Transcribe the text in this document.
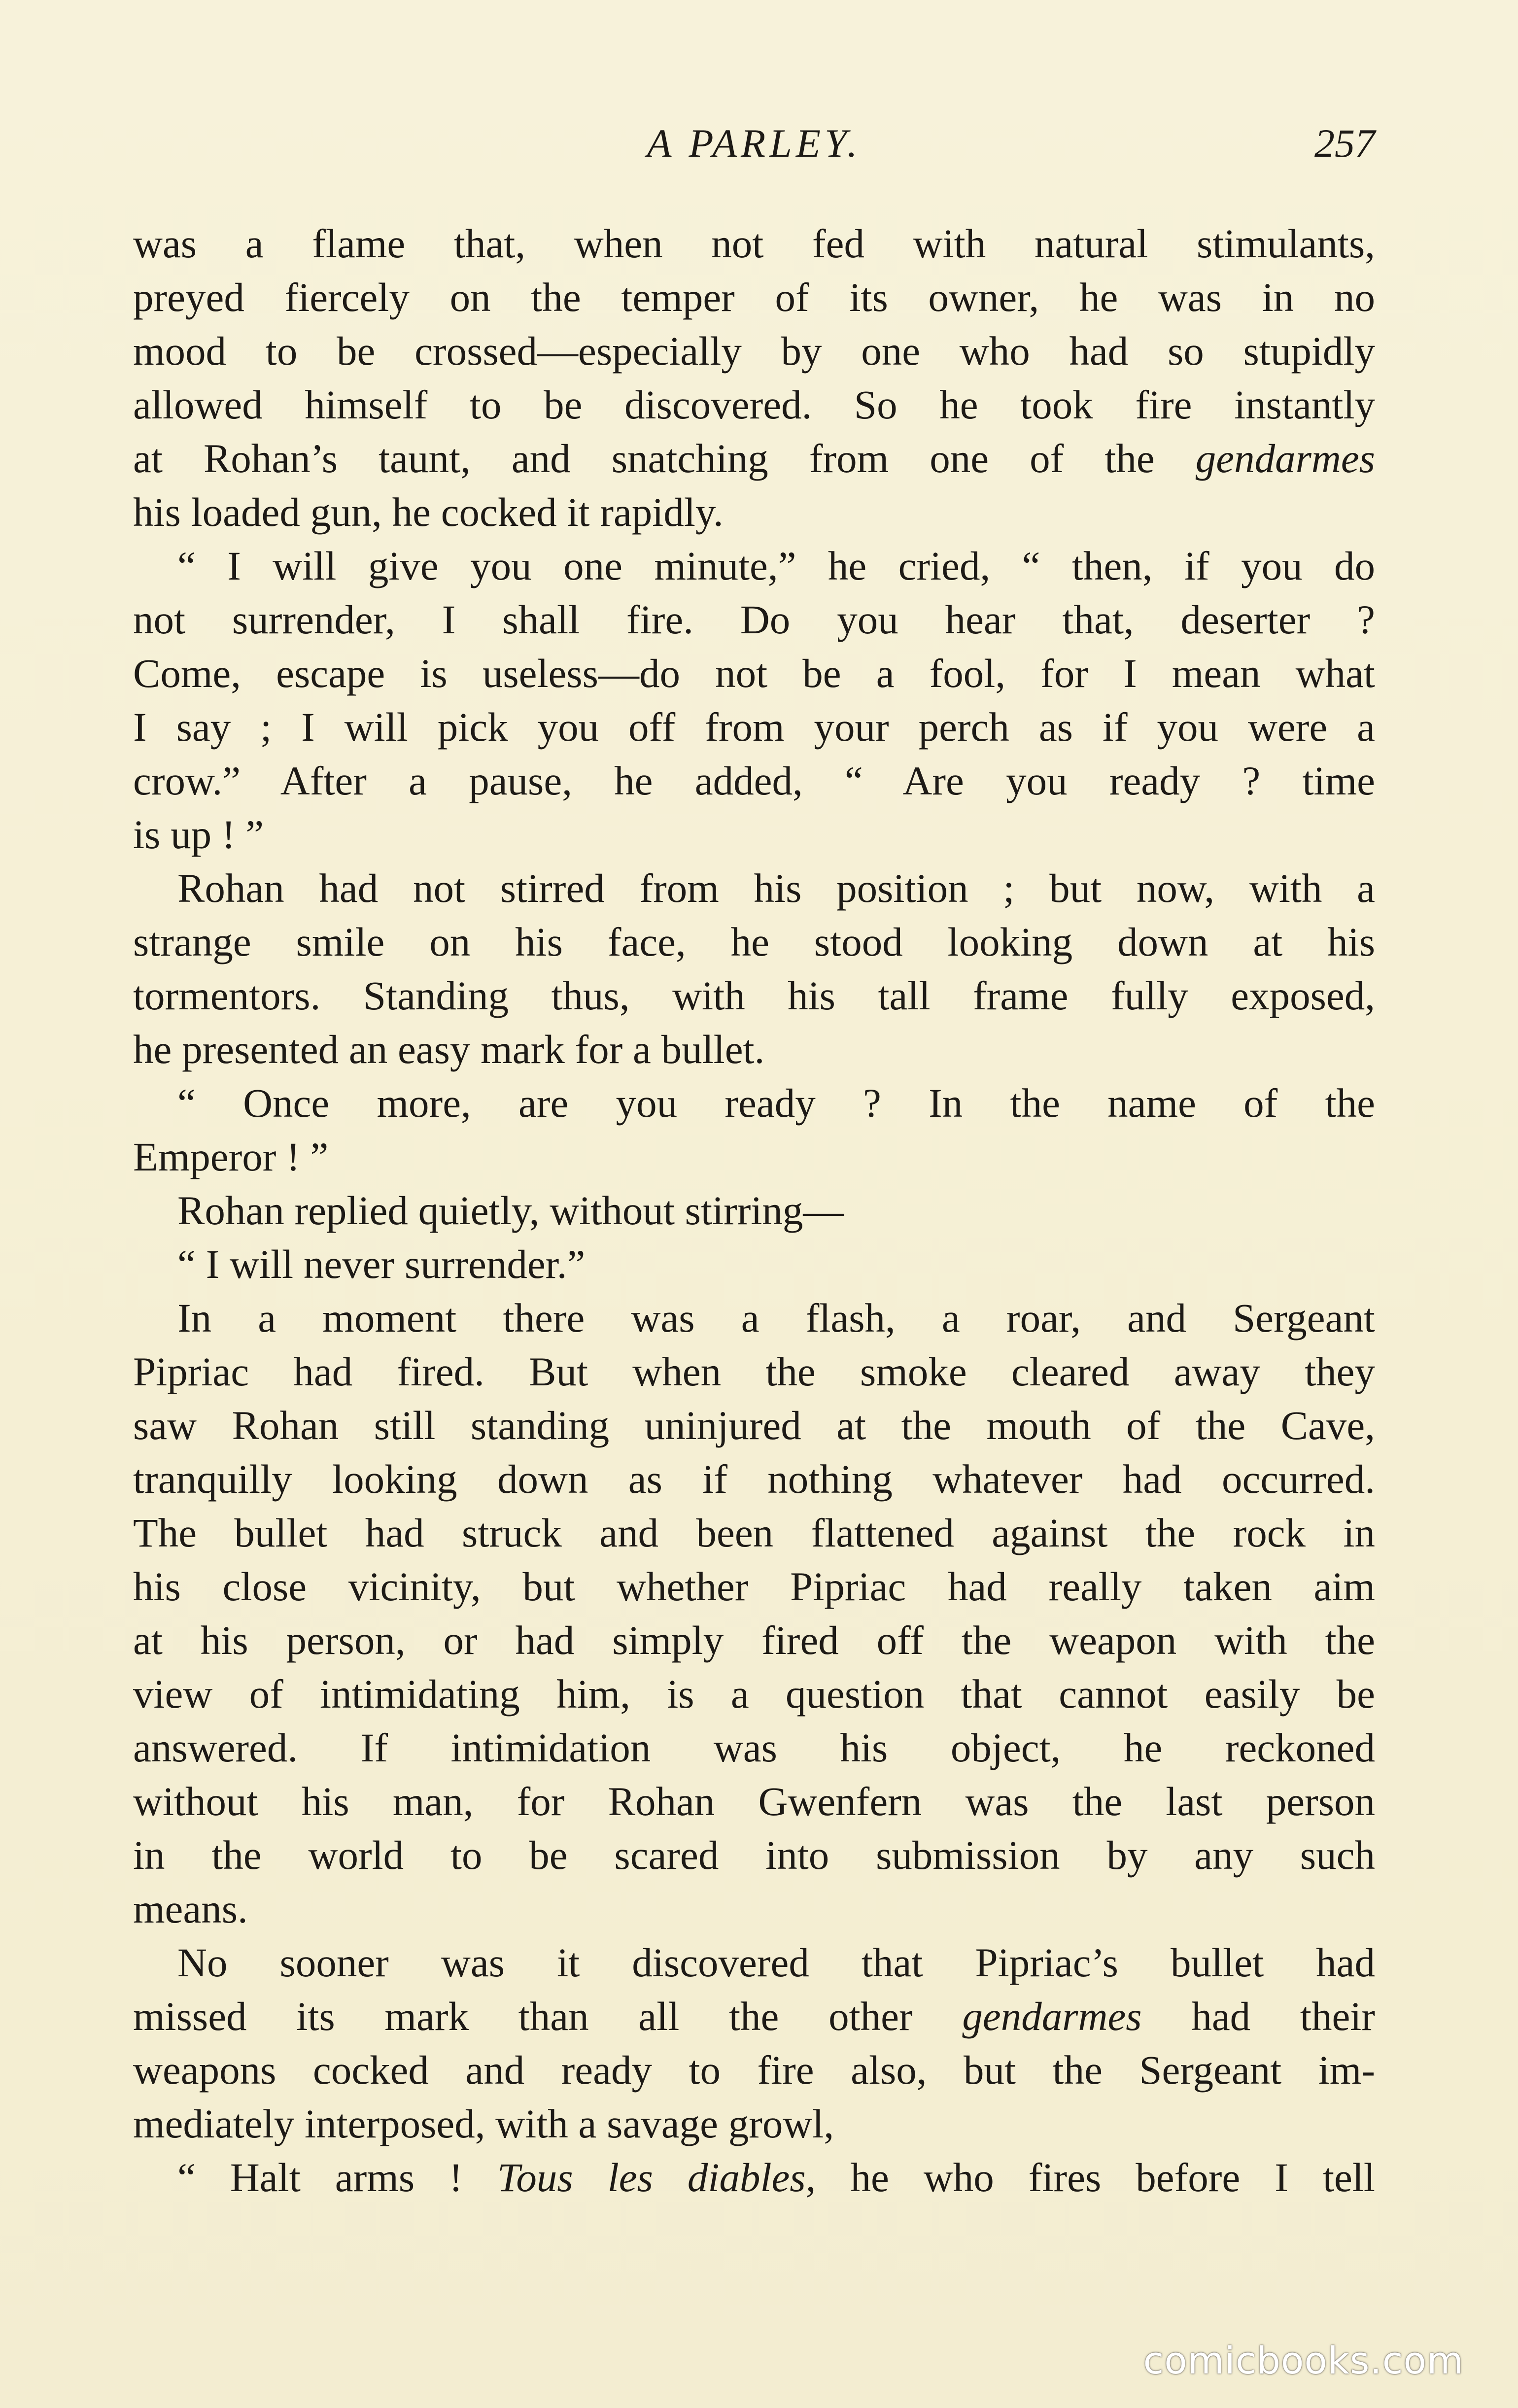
A PARLEY.	257
was a flame that, when not fed with natural stimulants,
preyed fiercely on the temper of its owner, he was in no
mood to be crossed—especially by one who had so stupidly
allowed himself to be discovered. So he took fire instantly
at Rohan’s taunt, and snatching from one of the gendarmes
his loaded gun, he cocked it rapidly.
“ I will give you one minute,” he cried, “ then, if you do
not surrender, I shall fire. Do you hear that, deserter ?
Come, escape is useless—do not be a fool, for I mean what
I say ; I will pick you off from your perch as if you were a
crow.” After a pause, he added, “ Are you ready ? time
is up ! ”
Rohan had not stirred from his position ; but now, with a
strange smile on his face, he stood looking down at his
tormentors. Standing thus, with his tall frame fully exposed,
he presented an easy mark for a bullet.
“ Once more, are you ready ? In the name of the
Emperor ! ”
Rohan replied quietly, without stirring—
“ I will never surrender.”
In a moment there was a flash, a roar, and Sergeant
Pipriac had fired. But when the smoke cleared away they
saw Rohan still standing uninjured at the mouth of the Cave,
tranquilly looking down as if nothing whatever had occurred.
The bullet had struck and been flattened against the rock in
his close vicinity, but whether Pipriac had really taken aim
at his person, or had simply fired off the weapon with the
view of intimidating him, is a question that cannot easily be
answered. If intimidation was his object, he reckoned
without his man, for Rohan Gwenfern was the last person
in the world to be scared into submission by any such
means.
No sooner was it discovered that Pipriac’s bullet had
missed its mark than all the other gendarmes had their
weapons cocked and ready to fire also, but the Sergeant im-
mediately interposed, with a savage growl,
“ Halt arms ! Tous les diables, he who fires before I tell
comicbooks.com
